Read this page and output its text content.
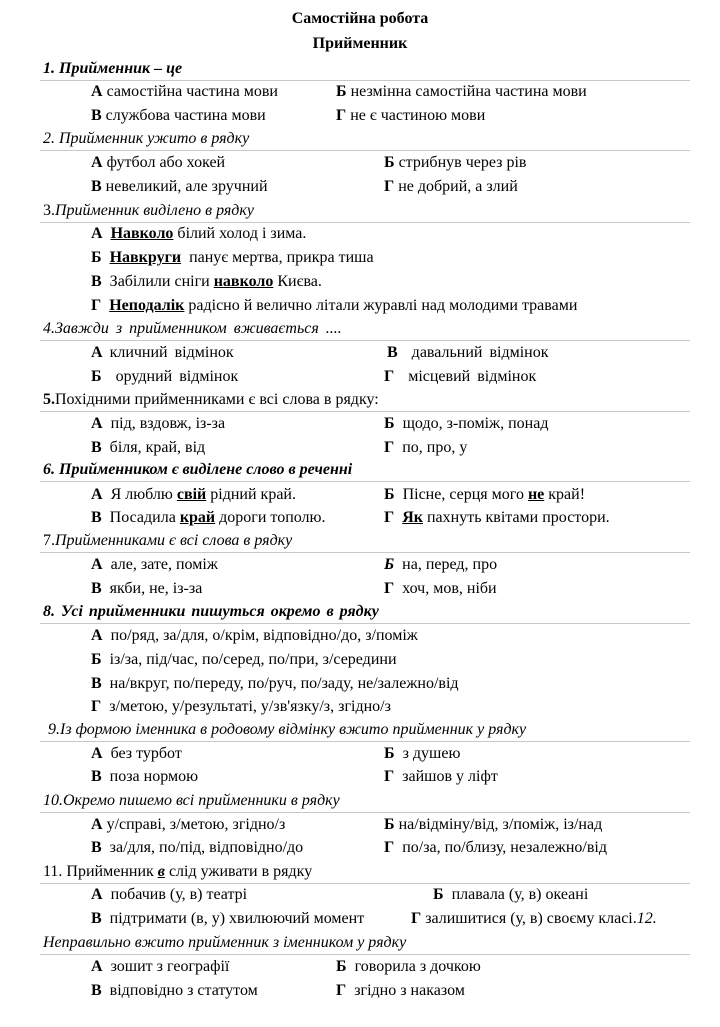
Самостійна робота
Прийменник
1. Прийменник – це
А самостійна частина мови	Б незмінна самостійна частина мови
В службова частина мови	Г не є частиною мови
2. Прийменник ужито в рядку
А футбол або хокей	Б стрибнув через рів
В невеликий, але зручний	Г не добрий, а злий
3.Прийменник виділено в рядку
А Навколо білий холод і зима.
Б Навкруги панує мертва, прикра тиша
В Забілили сніги навколо Києва.
Г Неподалік радісно й велично літали журавлі над молодими травами
4.Завжди з прийменником вживається ....
А кличний відмінок	В давальний відмінок
Б орудний відмінок	Г місцевий відмінок
5.Похідними прийменниками є всі слова в рядку:
А під, вздовж, із-за	Б щодо, з-поміж, понад
В біля, край, від	Г по, про, у
6. Прийменником є виділене слово в реченні
А Я люблю свій рідний край.	Б Пісне, серця мого не край!
В Посадила край дороги тополю.	Г Як пахнуть квітами простори.
7.Прийменниками є всі слова в рядку
А але, зате, поміж	Б на, перед, про
В якби, не, із-за	Г хоч, мов, ніби
8. Усі прийменники пишуться окремо в рядку
А по/ряд, за/для, о/крім, відповідно/до, з/поміж
Б із/за, під/час, по/серед, по/при, з/середини
В на/вкруг, по/переду, по/руч, по/заду, не/залежно/від
Г з/метою, у/результаті, у/зв'язку/з, згідно/з
9.Із формою іменника в родовому відмінку вжито прийменник у рядку
А без турбот	Б з душею
В поза нормою	Г зайшов у ліфт
10.Окремо пишемо всі прийменники в рядку
А у/справі, з/метою, згідно/з	Б на/відміну/від, з/поміж, із/над
В за/для, по/під, відповідно/до	Г по/за, по/близу, незалежно/від
11. Прийменник в слід уживати в рядку
А побачив (у, в) театрі	Б плавала (у, в) океані
В підтримати (в, у) хвилюючий момент	Г залишитися (у, в) своєму класі.12.
Неправильно вжито прийменник з іменником у рядку
А зошит з географії	Б говорила з дочкою
В відповідно з статутом	Г згідно з наказом
